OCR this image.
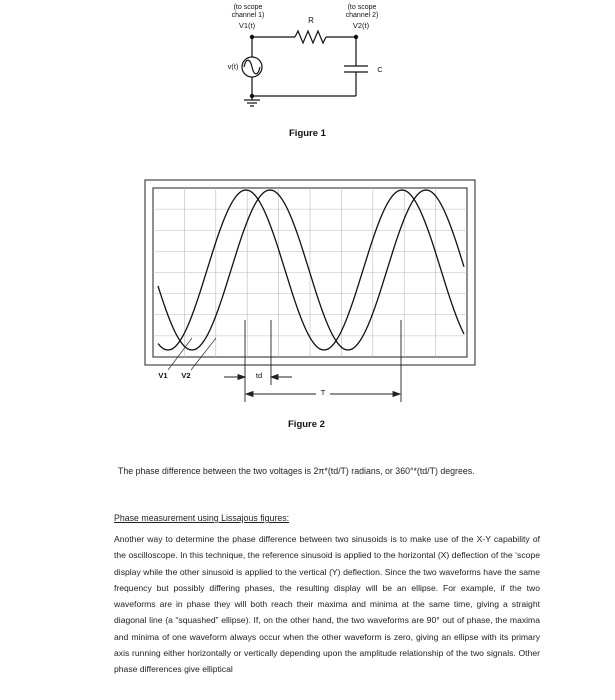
(to scope
channel 1)
V1(t)
(to scope
channel 2)
V2(t)
R
v(t)	C
Figure 1
V1	V2	td
T
Figure 2
The phase difference between the two voltages is 2π*(td/T) radians, or 360°*(td/T) degrees.
Phase measurement using Lissajous figures:
Another way to determine the phase difference between two sinusoids is to make use of the X-Y capability of the oscilloscope. In this technique, the reference sinusoid is applied to the horizontal (X) deflection of the ‘scope display while the other sinusoid is applied to the vertical (Y) deflection. Since the two waveforms have the same frequency but possibly differing phases, the resulting display will be an ellipse. For example, if the two waveforms are in phase they will both reach their maxima and minima at the same time, giving a straight diagonal line (a “squashed” ellipse). If, on the other hand, the two waveforms are 90° out of phase, the maxima and minima of one waveform always occur when the other waveform is zero, giving an ellipse with its primary axis running either horizontally or vertically depending upon the amplitude relationship of the two signals. Other phase differences give elliptical
